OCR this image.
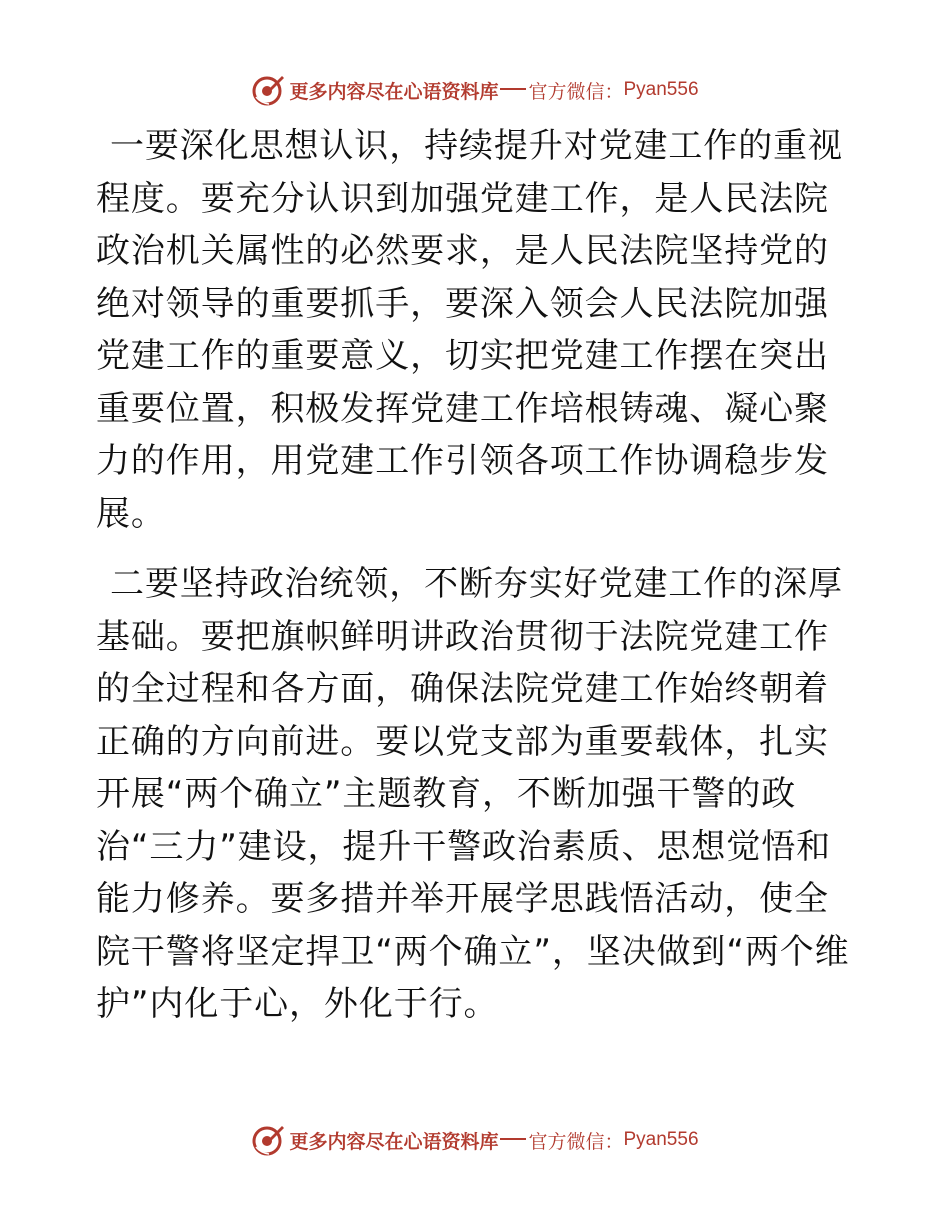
更多内容尽在心语资料库 官方微信： Pyan556

一要深化思想认识，持续提升对党建工作的重视程度。要充分认识到加强党建工作，是人民法院政治机关属性的必然要求，是人民法院坚持党的绝对领导的重要抓手，要深入领会人民法院加强党建工作的重要意义，切实把党建工作摆在突出重要位置，积极发挥党建工作培根铸魂、凝心聚力的作用，用党建工作引领各项工作协调稳步发展。

二要坚持政治统领，不断夯实好党建工作的深厚基础。要把旗帜鲜明讲政治贯彻于法院党建工作的全过程和各方面，确保法院党建工作始终朝着正确的方向前进。要以党支部为重要载体，扎实开展“两个确立”主题教育，不断加强干警的政治“三力”建设，提升干警政治素质、思想觉悟和能力修养。要多措并举开展学思践悟活动，使全院干警将坚定捍卫“两个确立”，坚决做到“两个维护”内化于心，外化于行。

更多内容尽在心语资料库 官方微信： Pyan556
